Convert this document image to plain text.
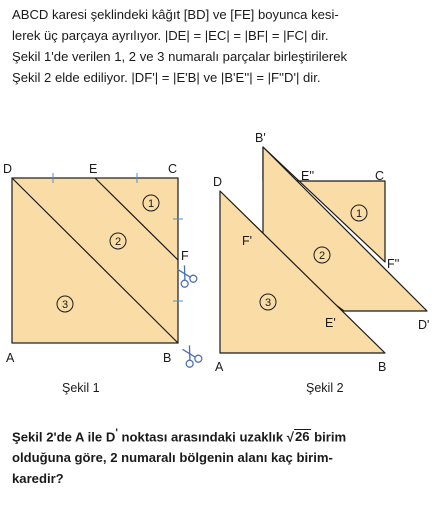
ABCD karesi şeklindeki kâğıt [BD] ve [FE] boyunca kesi-
lerek üç parçaya ayrılıyor. |DE| = |EC| = |BF| = |FC| dir.
Şekil 1'de verilen 1, 2 ve 3 numaralı parçalar birleştirilerek
Şekil 2 elde ediliyor. |DF'| = |E'B| ve |B'E''| = |F''D'| dir.
1
2
3
D	E	C
F
A	B
Şekil 1
1
2
3
B'
E''	C
D
F'
F''
E'	D'
A	B
Şekil 2
Şekil 2'de A ile D' noktası arasındaki uzaklık √26 birim
olduğuna göre, 2 numaralı bölgenin alanı kaç birim-
karedir?
